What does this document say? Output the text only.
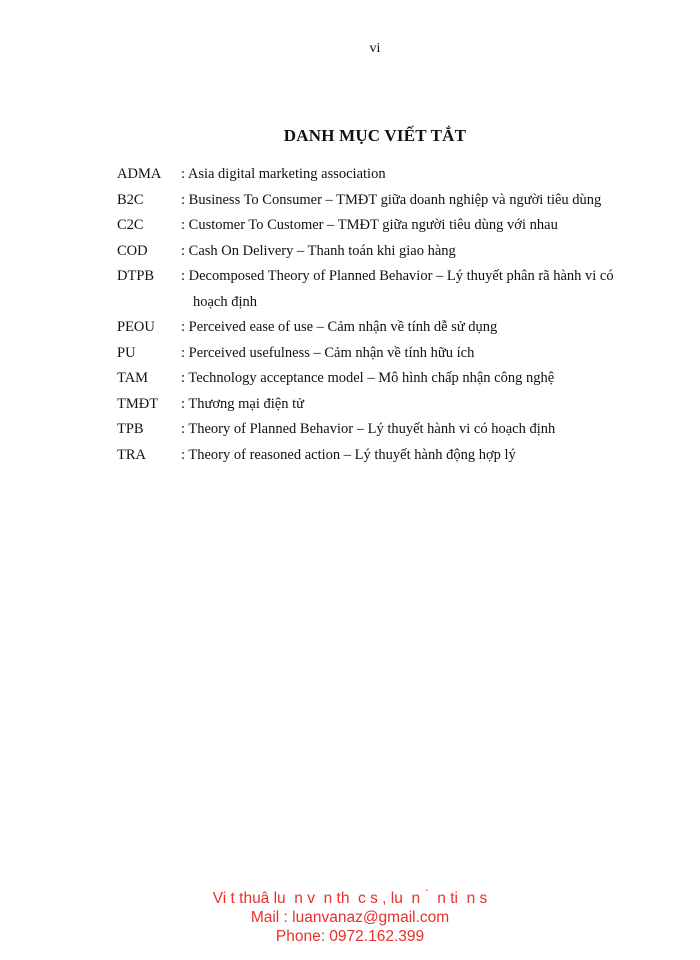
vi
DANH MỤC VIẾT TẮT
ADMA	: Asia digital marketing association
B2C	: Business To Consumer – TMĐT giữa doanh nghiệp và người tiêu dùng
C2C	: Customer To Customer – TMĐT giữa người tiêu dùng với nhau
COD	: Cash On Delivery – Thanh toán khi giao hàng
DTPB	: Decomposed Theory of Planned Behavior – Lý thuyết phân rã hành vi có
hoạch định
PEOU	: Perceived ease of use – Cảm nhận về tính dễ sử dụng
PU	: Perceived usefulness – Cảm nhận về tính hữu ích
TAM	: Technology acceptance model – Mô hình chấp nhận công nghệ
TMĐT	: Thương mại điện tử
TPB	: Theory of Planned Behavior – Lý thuyết hành vi có hoạch định
TRA	: Theory of reasoned action – Lý thuyết hành động hợp lý
Vi t thuâ lu  n v  n th  c s , lu  n  ́  n ti  n s
Mail : luanvanaz@gmail.com
Phone: 0972.162.399
